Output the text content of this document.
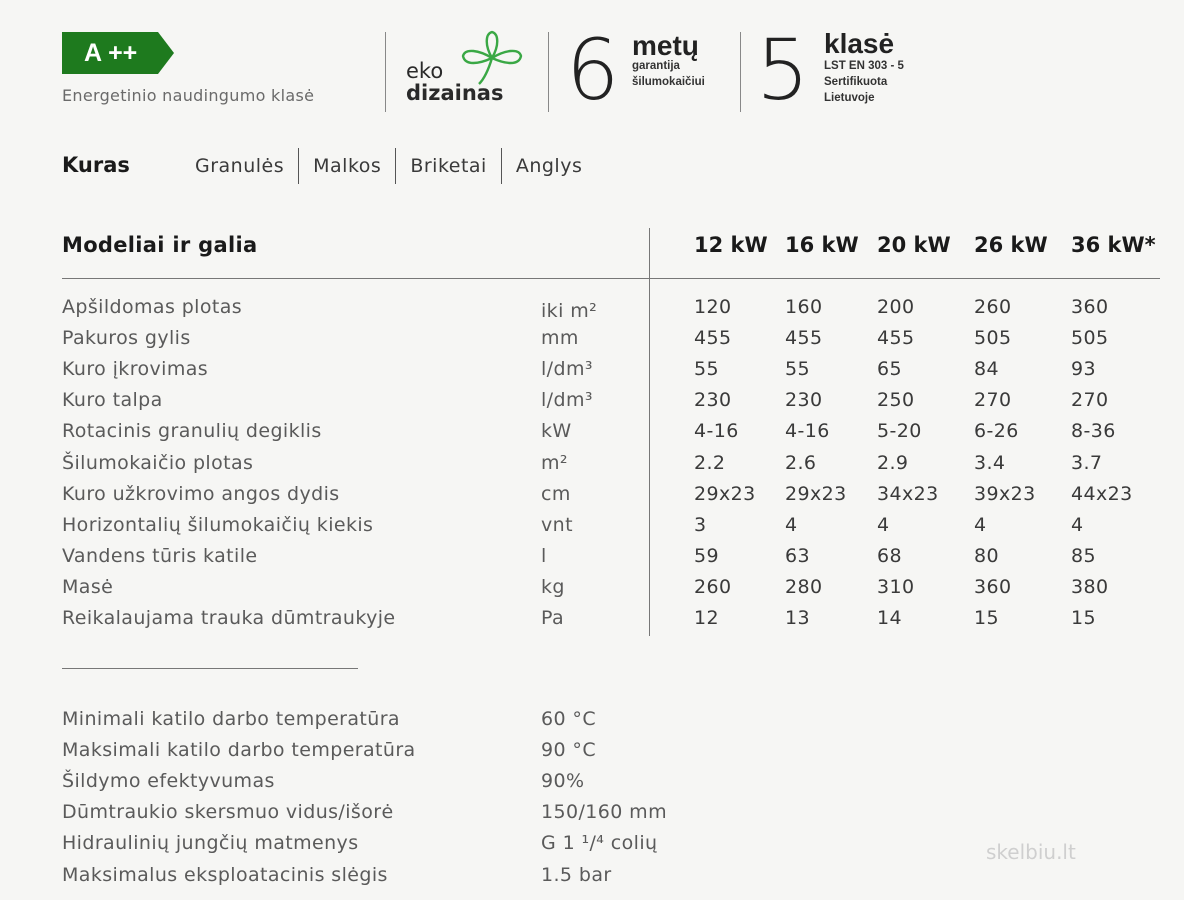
A ++
Energetinio naudingumo klasė
eko
dizainas 6 metų
garantija
šilumokaičiui 5 klasė
LST EN 303 - 5
Sertifikuota
Lietuvoje
Kuras	Granulės	Malkos	Briketai	Anglys
Modeliai ir galia	12 kW 16 kW 20 kW 26 kW 36 kW*
Apšildomas plotas	iki m²	120	160	200	260	360
Pakuros gylis	mm	455	455	455	505	505
Kuro įkrovimas	l/dm³	55	55	65	84	93
Kuro talpa	l/dm³	230	230	250	270	270
Rotacinis granulių degiklis	kW	4-16 4-16 5-20	6-26	8-36
Šilumokaičio plotas	m²	2.2	2.6	2.9	3.4	3.7
Kuro užkrovimo angos dydis	cm	29x23 29x23 34x23 39x23 44x23
Horizontalių šilumokaičių kiekis	vnt	3	4	4	4	4
Vandens tūris katile	l	59	63	68	80	85
Masė	kg	260	280	310	360	380
Reikalaujama trauka dūmtraukyje	Pa	12	13	14	15	15
Minimali katilo darbo temperatūra	60 °C
Maksimali katilo darbo temperatūra	90 °C
Šildymo efektyvumas	90%
Dūmtraukio skersmuo vidus/išorė	150/160 mm
Hidraulinių jungčių matmenys	G 1 ¹/⁴ colių
Maksimalus eksploatacinis slėgis	1.5 bar
skelbiu.lt
